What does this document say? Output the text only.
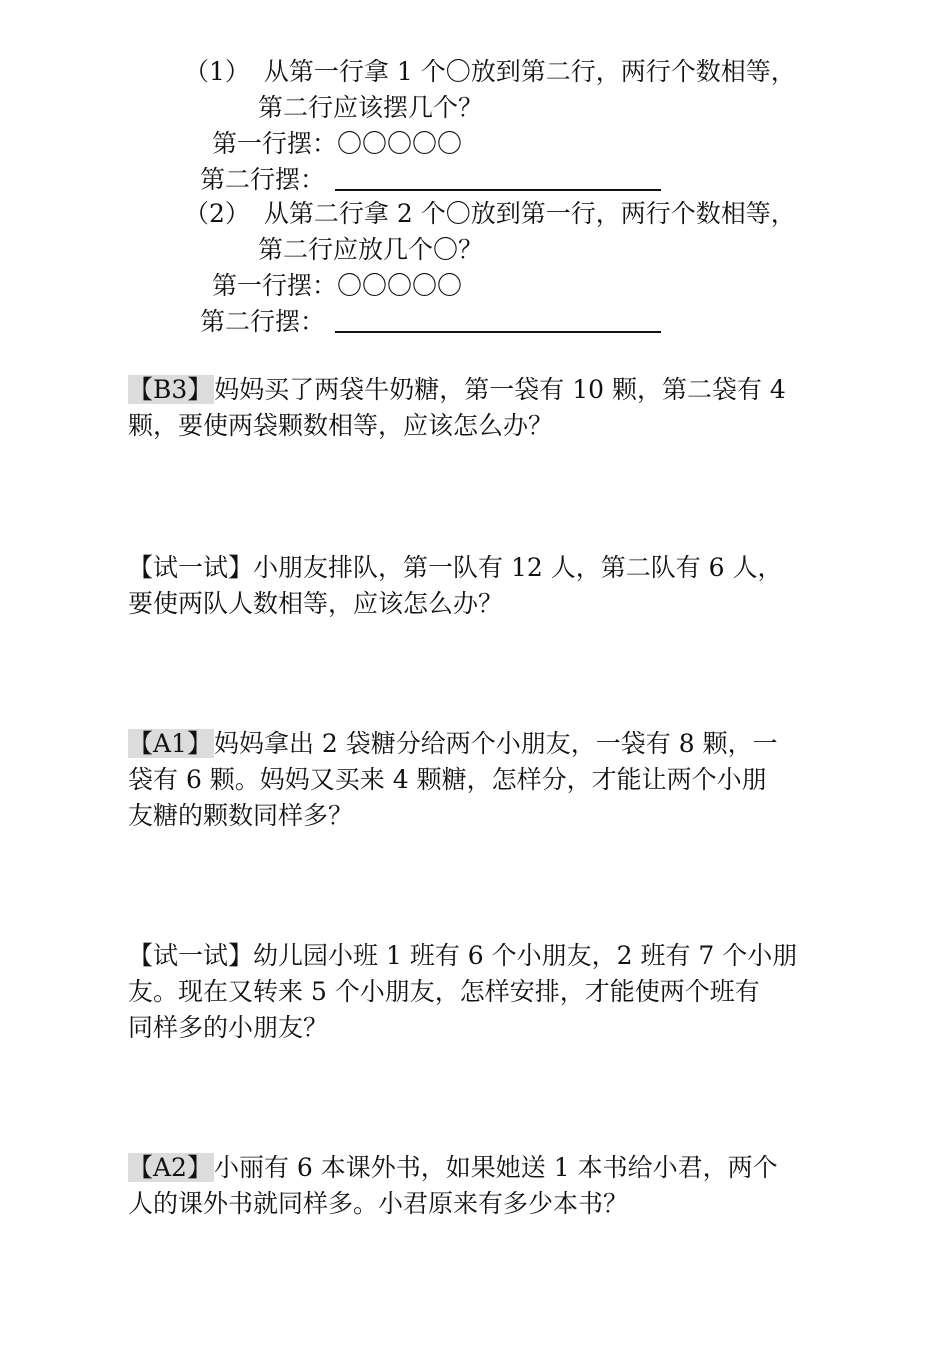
（1） 从第一行拿 1 个〇放到第二行，两行个数相等，
第二行应该摆几个？
第一行摆：〇〇〇〇〇
第二行摆：
（2） 从第二行拿 2 个〇放到第一行，两行个数相等，
第二行应放几个〇？
第一行摆：〇〇〇〇〇
第二行摆：
【B3】妈妈买了两袋牛奶糖，第一袋有 10 颗，第二袋有 4
颗，要使两袋颗数相等，应该怎么办？
【试一试】小朋友排队，第一队有 12 人，第二队有 6 人，
要使两队人数相等，应该怎么办？
【A1】妈妈拿出 2 袋糖分给两个小朋友，一袋有 8 颗，一
袋有 6 颗。妈妈又买来 4 颗糖，怎样分，才能让两个小朋
友糖的颗数同样多？
【试一试】幼儿园小班 1 班有 6 个小朋友，2 班有 7 个小朋
友。现在又转来 5 个小朋友，怎样安排，才能使两个班有
同样多的小朋友？
【A2】小丽有 6 本课外书，如果她送 1 本书给小君，两个
人的课外书就同样多。小君原来有多少本书？
